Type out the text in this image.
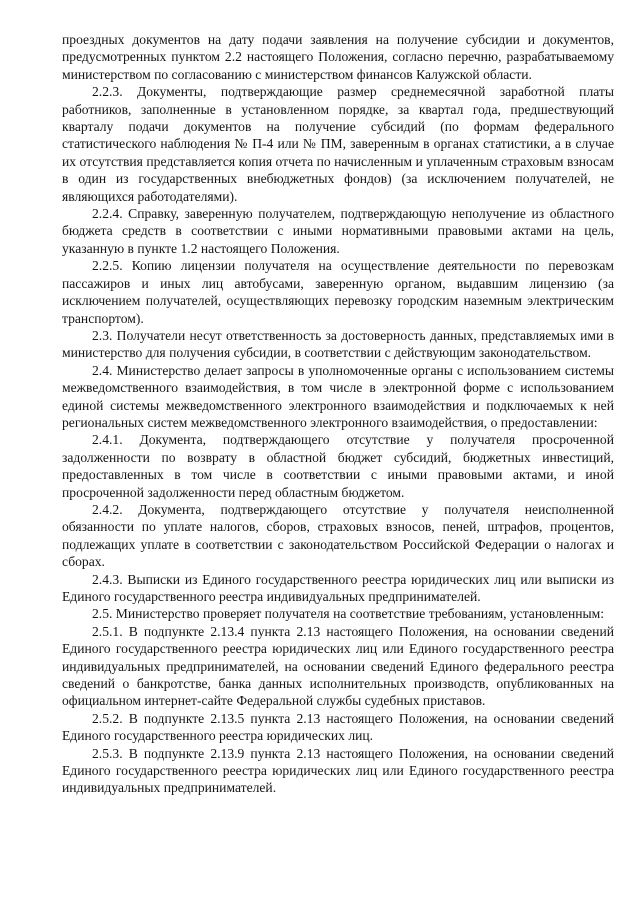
проездных документов на дату подачи заявления на получение субсидии и документов, предусмотренных пунктом 2.2 настоящего Положения, согласно перечню, разрабатываемому министерством по согласованию с министерством финансов Калужской области.

2.2.3. Документы, подтверждающие размер среднемесячной заработной платы работников, заполненные в установленном порядке, за квартал года, предшествующий кварталу подачи документов на получение субсидий (по формам федерального статистического наблюдения № П-4 или № ПМ, заверенным в органах статистики, а в случае их отсутствия представляется копия отчета по начисленным и уплаченным страховым взносам в один из государственных внебюджетных фондов) (за исключением получателей, не являющихся работодателями).

2.2.4. Справку, заверенную получателем, подтверждающую неполучение из областного бюджета средств в соответствии с иными нормативными правовыми актами на цель, указанную в пункте 1.2 настоящего Положения.

2.2.5. Копию лицензии получателя на осуществление деятельности по перевозкам пассажиров и иных лиц автобусами, заверенную органом, выдавшим лицензию (за исключением получателей, осуществляющих перевозку городским наземным электрическим транспортом).

2.3. Получатели несут ответственность за достоверность данных, представляемых ими в министерство для получения субсидии, в соответствии с действующим законодательством.

2.4. Министерство делает запросы в уполномоченные органы с использованием системы межведомственного взаимодействия, в том числе в электронной форме с использованием единой системы межведомственного электронного взаимодействия и подключаемых к ней региональных систем межведомственного электронного взаимодействия, о предоставлении:

2.4.1. Документа, подтверждающего отсутствие у получателя просроченной задолженности по возврату в областной бюджет субсидий, бюджетных инвестиций, предоставленных в том числе в соответствии с иными правовыми актами, и иной просроченной задолженности перед областным бюджетом.

2.4.2. Документа, подтверждающего отсутствие у получателя неисполненной обязанности по уплате налогов, сборов, страховых взносов, пеней, штрафов, процентов, подлежащих уплате в соответствии с законодательством Российской Федерации о налогах и сборах.

2.4.3. Выписки из Единого государственного реестра юридических лиц или выписки из Единого государственного реестра индивидуальных предпринимателей.

2.5. Министерство проверяет получателя на соответствие требованиям, установленным:

2.5.1. В подпункте 2.13.4 пункта 2.13 настоящего Положения, на основании сведений Единого государственного реестра юридических лиц или Единого государственного реестра индивидуальных предпринимателей, на основании сведений Единого федерального реестра сведений о банкротстве, банка данных исполнительных производств, опубликованных на официальном интернет-сайте Федеральной службы судебных приставов.

2.5.2. В подпункте 2.13.5 пункта 2.13 настоящего Положения, на основании сведений Единого государственного реестра юридических лиц.

2.5.3. В подпункте 2.13.9 пункта 2.13 настоящего Положения, на основании сведений Единого государственного реестра юридических лиц или Единого государственного реестра индивидуальных предпринимателей.
